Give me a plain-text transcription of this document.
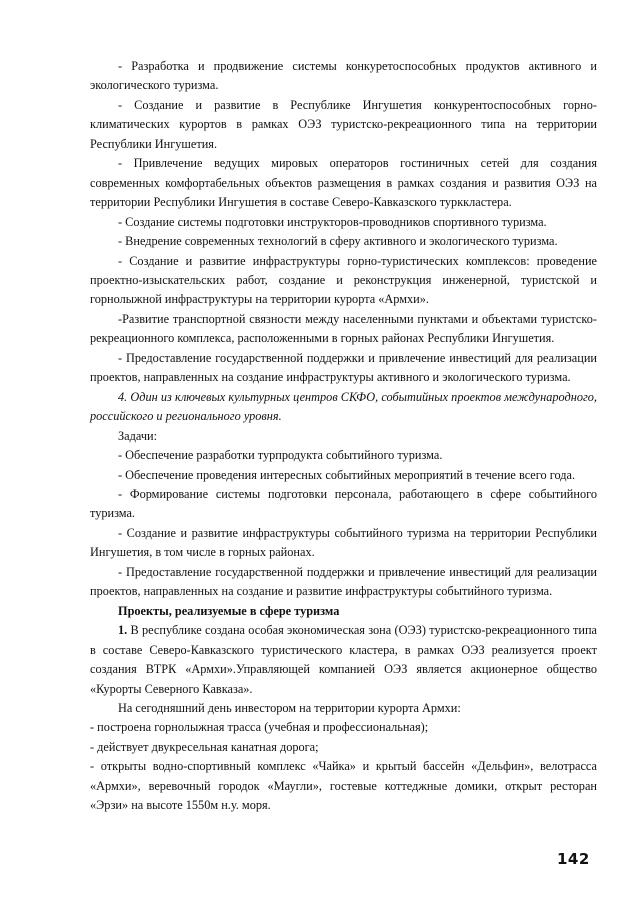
- Разработка и продвижение системы конкуретоспособных продуктов активного и экологического туризма.

- Создание и развитие в Республике Ингушетия конкурентоспособных горно-климатических курортов в рамках ОЭЗ туристско-рекреационного типа на территории Республики Ингушетия.

- Привлечение ведущих мировых операторов гостиничных сетей для создания современных комфортабельных объектов размещения в рамках создания и развития ОЭЗ на территории Республики Ингушетия в составе Северо-Кавказского турккластера.

- Создание системы подготовки инструкторов-проводников спортивного туризма.

- Внедрение современных технологий в сферу активного и экологического туризма.

- Создание и развитие инфраструктуры горно-туристических комплексов: проведение проектно-изыскательских работ, создание и реконструкция инженерной, туристской и горнолыжной инфраструктуры на территории курорта «Армхи».

-Развитие транспортной связности между населенными пунктами и объектами туристско-рекреационного комплекса, расположенными в горных районах Республики Ингушетия.

- Предоставление государственной поддержки и привлечение инвестиций для реализации проектов, направленных на создание инфраструктуры активного и экологического туризма.

4. Один из ключевых культурных центров СКФО, событийных проектов международного, российского и регионального уровня.

Задачи:

- Обеспечение разработки турпродукта событийного туризма.

- Обеспечение проведения интересных событийных мероприятий в течение всего года.

- Формирование системы подготовки персонала, работающего в сфере событийного туризма.

- Создание и развитие инфраструктуры событийного туризма на территории Республики Ингушетия, в том числе в горных районах.

- Предоставление государственной поддержки и привлечение инвестиций для реализации проектов, направленных на создание и развитие инфраструктуры событийного туризма.

Проекты, реализуемые в сфере туризма

1. В республике создана особая экономическая зона (ОЭЗ) туристско-рекреационного типа в составе Северо-Кавказского туристического кластера, в рамках ОЭЗ реализуется проект создания ВТРК «Армхи».Управляющей компанией ОЭЗ является акционерное общество «Курорты Северного Кавказа».

На сегодняшний день инвестором на территории курорта Армхи:

- построена горнолыжная трасса (учебная и профессиональная);

- действует двукресельная канатная дорога;

- открыты водно-спортивный комплекс «Чайка» и крытый бассейн «Дельфин», велотрасса «Армхи», веревочный городок «Маугли», гостевые коттеджные домики, открыт ресторан «Эрзи» на высоте 1550м н.у. моря.

142
